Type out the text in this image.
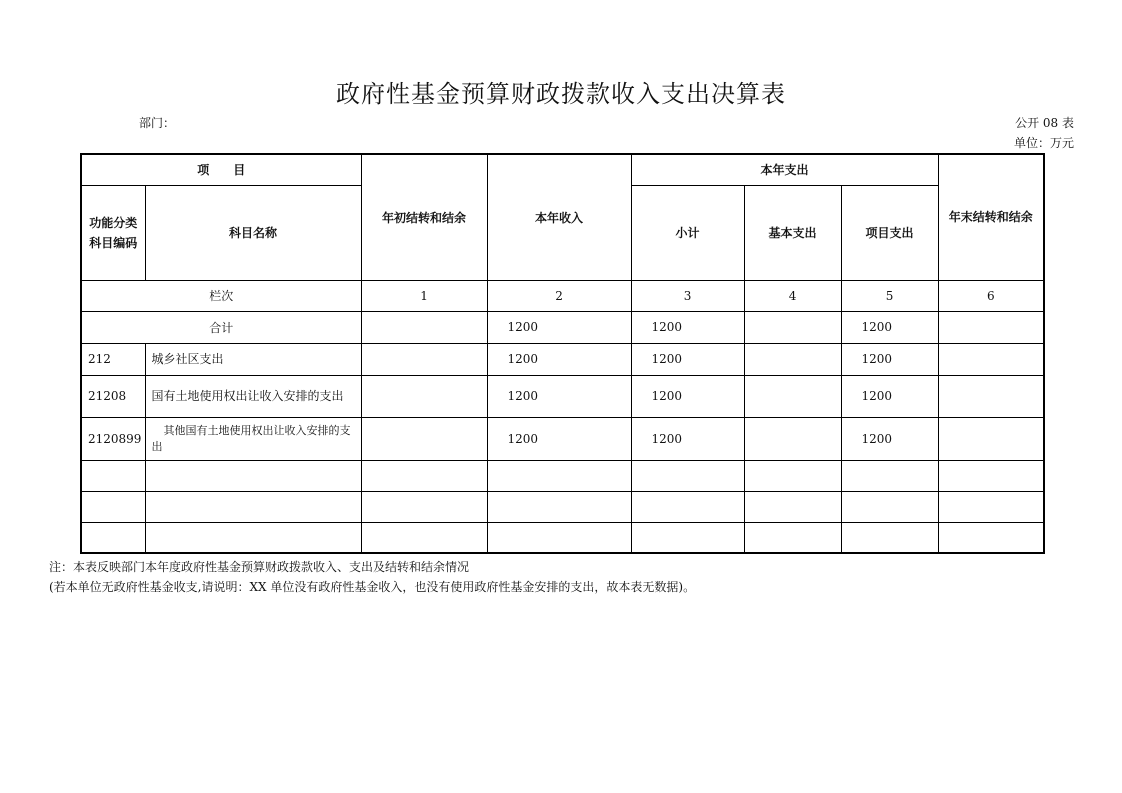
政府性基金预算财政拨款收入支出决算表
部门：	公开 08 表
单位：万元
项　　目		年初结转和结余	本年收入	本年支出			年末结转和结余
功能分类科目编码	科目名称			小计	基本支出	项目支出	
栏次		1	2	3	4	5	6
合计			1200	1200		1200	
212	城乡社区支出		1200	1200		1200	
21208	国有土地使用权出让收入安排的支出		1200	1200		1200	
2120899	其他国有土地使用权出让收入安排的支出		1200	1200		1200	

注：本表反映部门本年度政府性基金预算财政拨款收入、支出及结转和结余情况
(若本单位无政府性基金收支,请说明：XX 单位没有政府性基金收入，也没有使用政府性基金安排的支出，故本表无数据)。
